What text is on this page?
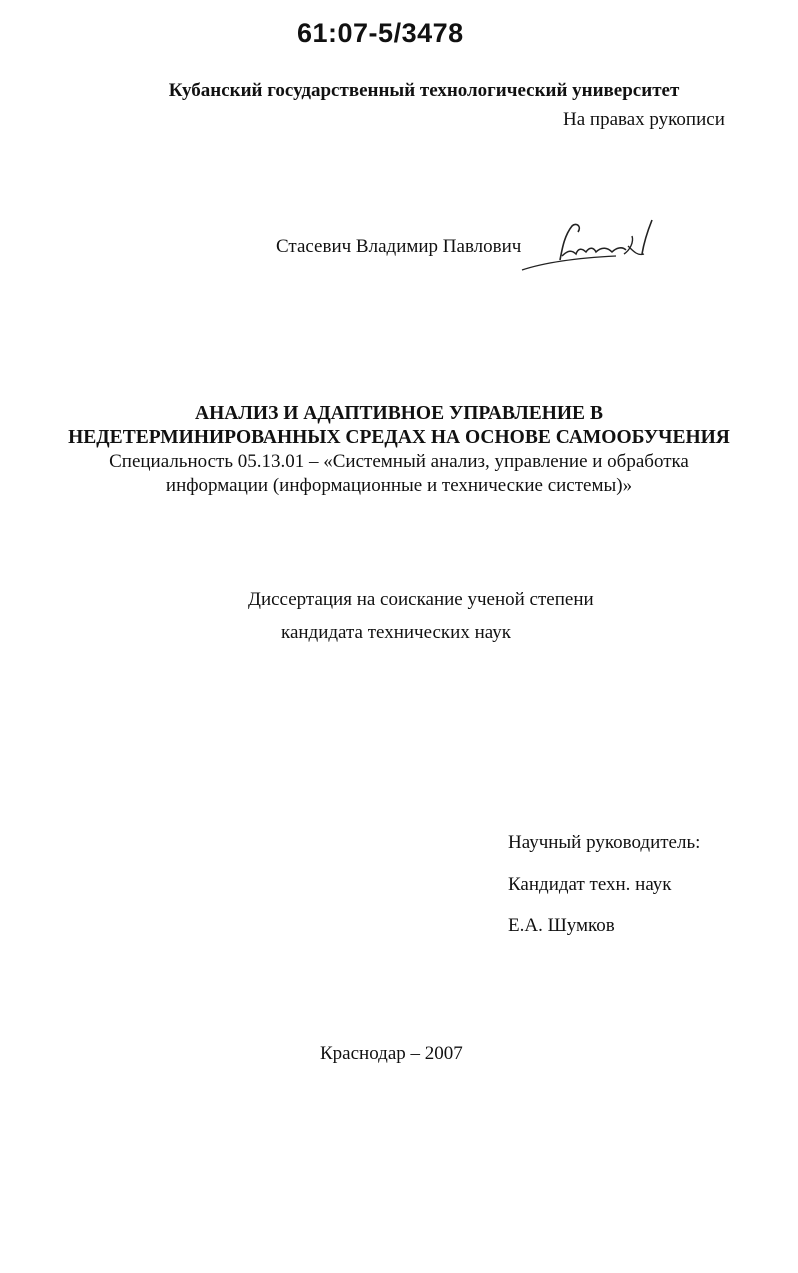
61:07-5/3478
Кубанский государственный технологический университет
На правах рукописи
Стасевич Владимир Павлович
АНАЛИЗ И АДАПТИВНОЕ УПРАВЛЕНИЕ В
НЕДЕТЕРМИНИРОВАННЫХ СРЕДАХ НА ОСНОВЕ САМООБУЧЕНИЯ
Специальность 05.13.01 – «Системный анализ, управление и обработка
информации (информационные и технические системы)»
Диссертация на соискание ученой степени
кандидата технических наук
Научный руководитель:
Кандидат техн. наук
Е.А. Шумков
Краснодар – 2007
